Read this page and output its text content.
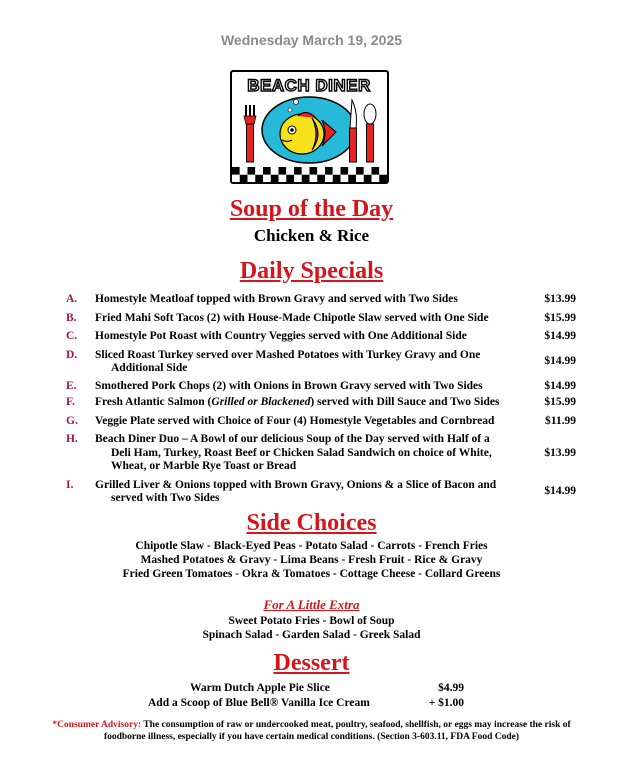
Wednesday March 19, 2025
BEACH DINER
Soup of the Day
Chicken & Rice
Daily Specials
A.	Homestyle Meatloaf topped with Brown Gravy and served with Two Sides	$13.99
B.	Fried Mahi Soft Tacos (2) with House-Made Chipotle Slaw served with One Side	$15.99
C.	Homestyle Pot Roast with Country Veggies served with One Additional Side	$14.99
D.	Sliced Roast Turkey served over Mashed Potatoes with Turkey Gravy and One
Additional Side
$14.99
E.	Smothered Pork Chops (2) with Onions in Brown Gravy served with Two Sides	$14.99
F.	Fresh Atlantic Salmon (Grilled or Blackened) served with Dill Sauce and Two Sides	$15.99
G.	Veggie Plate served with Choice of Four (4) Homestyle Vegetables and Cornbread	$11.99
H.	Beach Diner Duo – A Bowl of our delicious Soup of the Day served with Half of a
Deli Ham, Turkey, Roast Beef or Chicken Salad Sandwich on choice of White,
Wheat, or Marble Rye Toast or Bread
$13.99
I.	Grilled Liver & Onions topped with Brown Gravy, Onions & a Slice of Bacon and
served with Two Sides
$14.99
Side Choices
Chipotle Slaw - Black-Eyed Peas - Potato Salad - Carrots - French Fries
Mashed Potatoes & Gravy - Lima Beans - Fresh Fruit - Rice & Gravy
Fried Green Tomatoes - Okra & Tomatoes - Cottage Cheese - Collard Greens
For A Little Extra
Sweet Potato Fries - Bowl of Soup
Spinach Salad - Garden Salad - Greek Salad
Dessert
Warm Dutch Apple Pie Slice	$4.99
Add a Scoop of Blue Bell® Vanilla Ice Cream	+ $1.00
*Consumer Advisory: The consumption of raw or undercooked meat, poultry, seafood, shellfish, or eggs may increase the risk of foodborne illness, especially if you have certain medical conditions. (Section 3-603.11, FDA Food Code)
